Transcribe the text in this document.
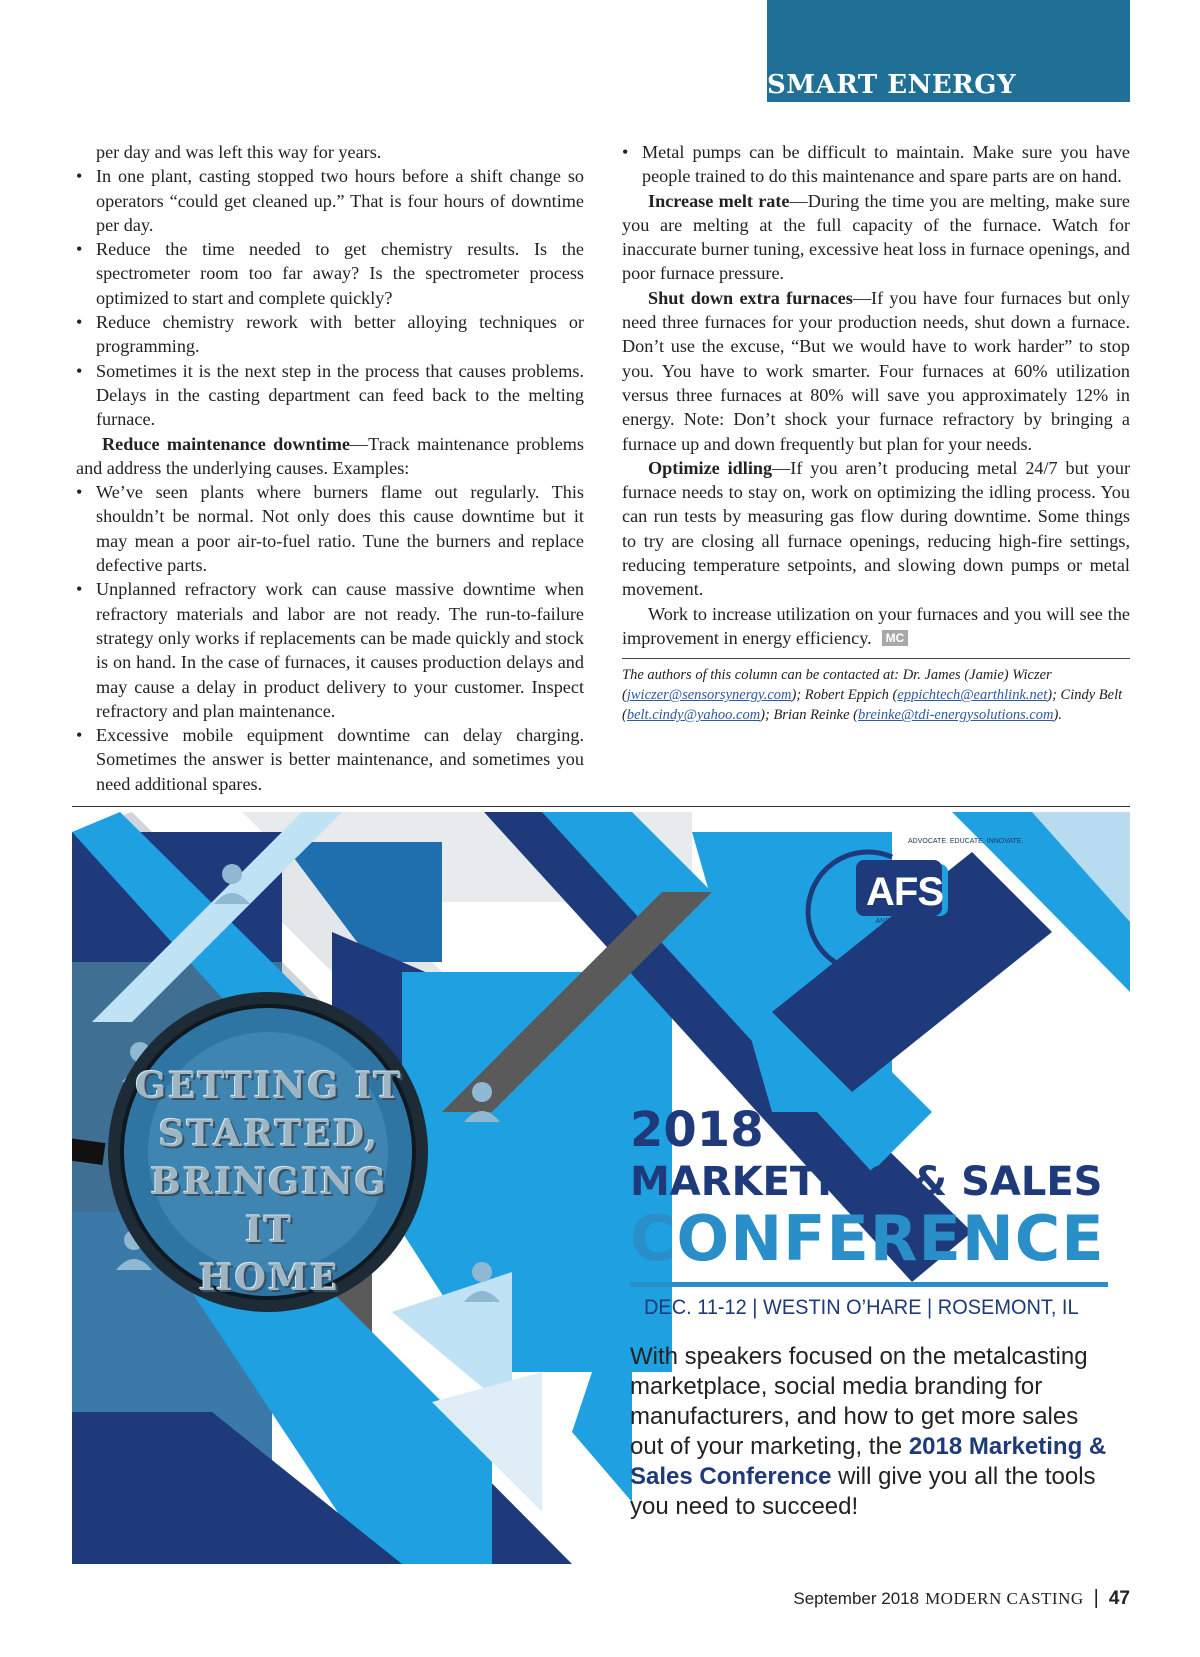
SMART ENERGY

per day and was left this way for years.

• In one plant, casting stopped two hours before a shift change so operators “could get cleaned up.” That is four hours of downtime per day.
• Reduce the time needed to get chemistry results. Is the spectrometer room too far away? Is the spectrometer process optimized to start and complete quickly?
• Reduce chemistry rework with better alloying techniques or programming.
• Sometimes it is the next step in the process that causes problems. Delays in the casting department can feed back to the melting furnace.

Reduce maintenance downtime—Track maintenance problems and address the underlying causes. Examples:

• We’ve seen plants where burners flame out regularly. This shouldn’t be normal. Not only does this cause downtime but it may mean a poor air-to-fuel ratio. Tune the burners and replace defective parts.
• Unplanned refractory work can cause massive downtime when refractory materials and labor are not ready. The run-to-failure strategy only works if replacements can be made quickly and stock is on hand. In the case of furnaces, it causes production delays and may cause a delay in product delivery to your customer. Inspect refractory and plan maintenance.
• Excessive mobile equipment downtime can delay charging. Sometimes the answer is better maintenance, and sometimes you need additional spares.
• Metal pumps can be difficult to maintain. Make sure you have people trained to do this maintenance and spare parts are on hand.

Increase melt rate—During the time you are melting, make sure you are melting at the full capacity of the furnace. Watch for inaccurate burner tuning, excessive heat loss in furnace openings, and poor furnace pressure.

Shut down extra furnaces—If you have four furnaces but only need three furnaces for your production needs, shut down a furnace. Don’t use the excuse, “But we would have to work harder” to stop you. You have to work smarter. Four furnaces at 60% utilization versus three furnaces at 80% will save you approximately 12% in energy. Note: Don’t shock your furnace refractory by bringing a furnace up and down frequently but plan for your needs.

Optimize idling—If you aren’t producing metal 24/7 but your furnace needs to stay on, work on optimizing the idling process. You can run tests by measuring gas flow during downtime. Some things to try are closing all furnace openings, reducing high-fire settings, reducing temperature setpoints, and slowing down pumps or metal movement.

Work to increase utilization on your furnaces and you will see the improvement in energy efficiency. MC

The authors of this column can be contacted at: Dr. James (Jamie) Wiczer (jwiczer@sensorsynergy.com); Robert Eppich (eppichtech@earthlink.net); Cindy Belt (belt.cindy@yahoo.com); Brian Reinke (breinke@tdi-energysolutions.com).

GETTING IT
STARTED,
BRINGING IT
HOME
ADVOCATE. EDUCATE. INNOVATE.
AFS
AND THE INSTITUTE
2018
MARKETING & SALES
CONFERENCE
DEC. 11-12 | WESTIN O’HARE | ROSEMONT, IL

With speakers focused on the metalcasting marketplace, social media branding for manufacturers, and how to get more sales out of your marketing, the 2018 Marketing & Sales Conference will give you all the tools you need to succeed!

September 2018 MODERN CASTING | 47
